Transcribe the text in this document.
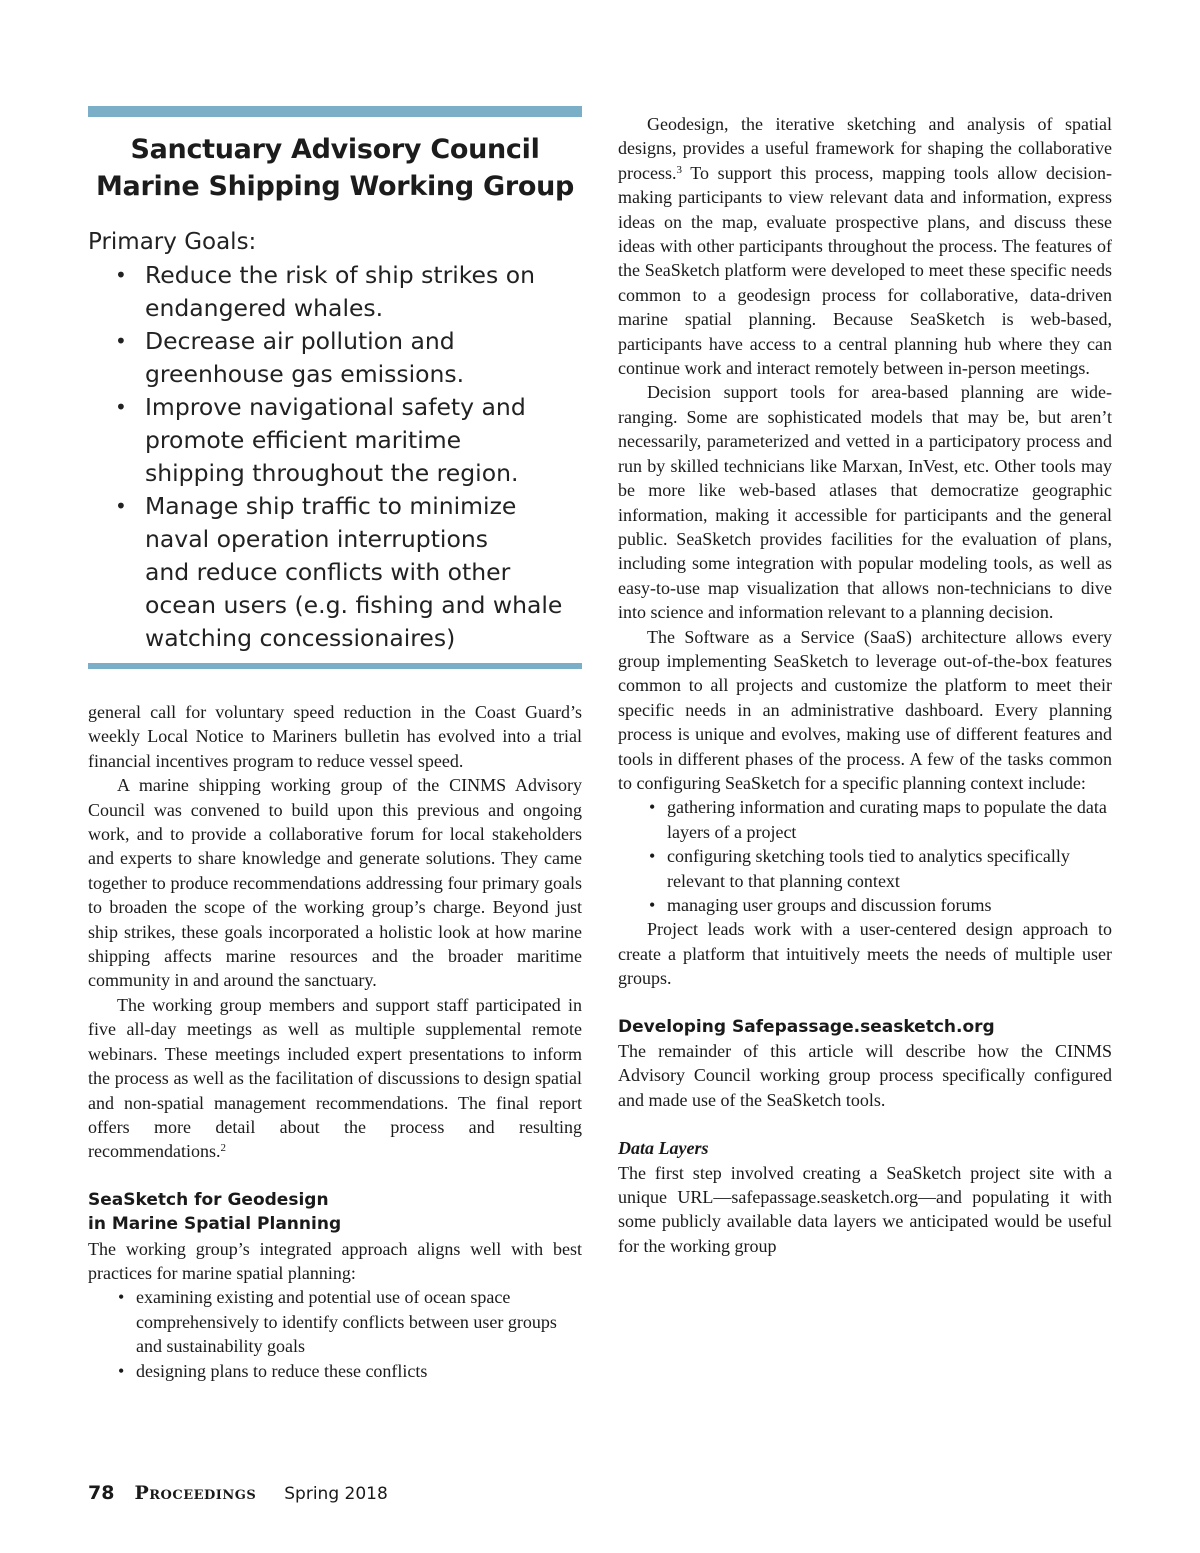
Sanctuary Advisory Council
Marine Shipping Working Group
Primary Goals:
• Reduce the risk of ship strikes on
endangered whales.
• Decrease air pollution and
greenhouse gas emissions.
• Improve navigational safety and
promote efficient maritime
shipping throughout the region.
• Manage ship traffic to minimize
naval operation interruptions
and reduce conflicts with other
ocean users (e.g. fishing and whale
watching concessionaires)

general call for voluntary speed reduction in the Coast Guard’s weekly Local Notice to Mariners bulletin has evolved into a trial financial incentives program to reduce vessel speed.

A marine shipping working group of the CINMS Advisory Council was convened to build upon this previous and ongoing work, and to provide a collaborative forum for local stakeholders and experts to share knowledge and generate solutions. They came together to produce recommendations addressing four primary goals to broaden the scope of the working group’s charge. Beyond just ship strikes, these goals incorporated a holistic look at how marine shipping affects marine resources and the broader maritime community in and around the sanctuary.

The working group members and support staff participated in five all-day meetings as well as multiple supplemental remote webinars. These meetings included expert presentations to inform the process as well as the facilitation of discussions to design spatial and non-spatial management recommendations. The final report offers more detail about the process and resulting recommendations.$^2$

SeaSketch for Geodesign
in Marine Spatial Planning

The working group’s integrated approach aligns well with best practices for marine spatial planning:

• examining existing and potential use of ocean space comprehensively to identify conflicts between user groups and sustainability goals
• designing plans to reduce these conflicts

Geodesign, the iterative sketching and analysis of spatial designs, provides a useful framework for shaping the collaborative process.$^3$ To support this process, mapping tools allow decision-making participants to view relevant data and information, express ideas on the map, evaluate prospective plans, and discuss these ideas with other participants throughout the process. The features of the SeaSketch platform were developed to meet these specific needs common to a geodesign process for collaborative, data-driven marine spatial planning. Because SeaSketch is web-based, participants have access to a central planning hub where they can continue work and interact remotely between in-person meetings.

Decision support tools for area-based planning are wide-ranging. Some are sophisticated models that may be, but aren’t necessarily, parameterized and vetted in a participatory process and run by skilled technicians like Marxan, InVest, etc. Other tools may be more like web-based atlases that democratize geographic information, making it accessible for participants and the general public. SeaSketch provides facilities for the evaluation of plans, including some integration with popular modeling tools, as well as easy-to-use map visualization that allows non-technicians to dive into science and information relevant to a planning decision.

The Software as a Service (SaaS) architecture allows every group implementing SeaSketch to leverage out-of-the-box features common to all projects and customize the platform to meet their specific needs in an administrative dashboard. Every planning process is unique and evolves, making use of different features and tools in different phases of the process. A few of the tasks common to configuring SeaSketch for a specific planning context include:

• gathering information and curating maps to populate the data layers of a project
• configuring sketching tools tied to analytics specifically relevant to that planning context
• managing user groups and discussion forums

Project leads work with a user-centered design approach to create a platform that intuitively meets the needs of multiple user groups.

Developing Safepassage.seasketch.org

The remainder of this article will describe how the CINMS Advisory Council working group process specifically configured and made use of the SeaSketch tools.

Data Layers

The first step involved creating a SeaSketch project site with a unique URL—safepassage.seasketch.org—and populating it with some publicly available data layers we anticipated would be useful for the working group

78 Proceedings Spring 2018
